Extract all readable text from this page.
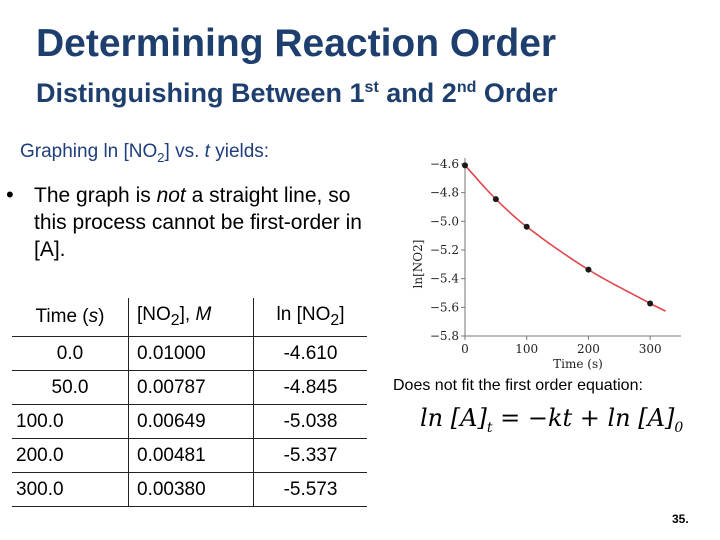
Determining Reaction Order
Distinguishing Between 1st and 2nd Order
Graphing $\ln [NO_2]$ vs. t yields:
• The graph is not a straight line, so this process cannot be first-order in [A].
Time (s)	$[NO_2]$, M	$\ln [NO_2]$
0.0	0.01000	-4.610
50.0	0.00787	-4.845
100.0	0.00649	-5.038
200.0	0.00481	-5.337
300.0	0.00380	-5.573
−4.6
−4.8
−5.0
−5.2
−5.4
−5.6
−5.8
0	100	200	300
Time (s)
ln[NO2]
Does not fit the first order equation:
$\ln [A]_t = -kt + \ln [A]_0$
35.
